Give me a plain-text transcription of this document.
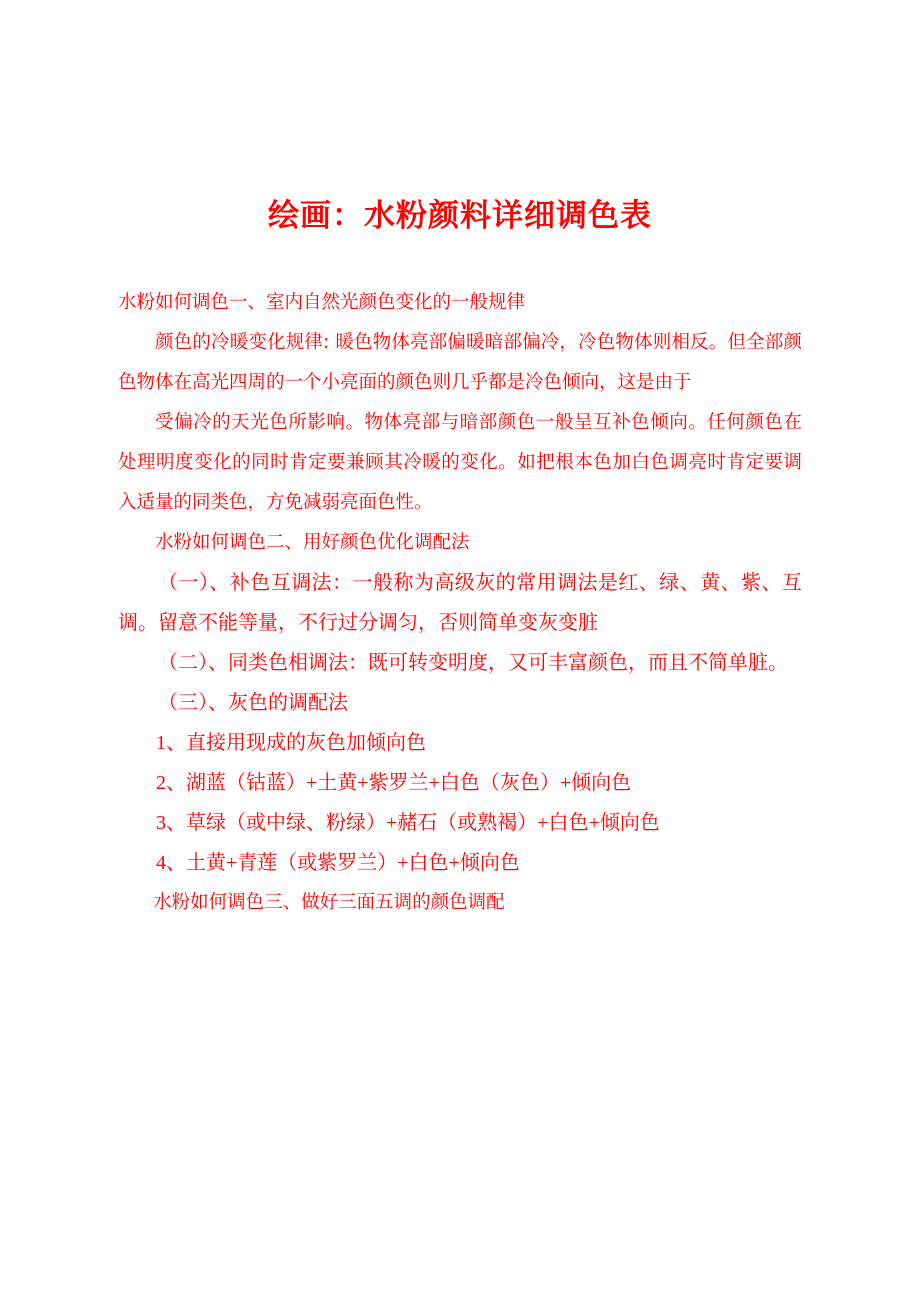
绘画：水粉颜料详细调色表

水粉如何调色一、室内自然光颜色变化的一般规律

颜色的冷暖变化规律: 暖色物体亮部偏暖暗部偏冷，冷色物体则相反。但全部颜色物体在高光四周的一个小亮面的颜色则几乎都是冷色倾向，这是由于

受偏冷的天光色所影响。物体亮部与暗部颜色一般呈互补色倾向。任何颜色在处理明度变化的同时肯定要兼顾其冷暖的变化。如把根本色加白色调亮时肯定要调入适量的同类色，方免减弱亮面色性。

水粉如何调色二、用好颜色优化调配法

（一）、补色互调法：一般称为高级灰的常用调法是红、绿、黄、紫、互调。留意不能等量，不行过分调匀，否则简单变灰变脏

（二）、同类色相调法：既可转变明度，又可丰富颜色，而且不简单脏。

（三）、灰色的调配法

1、直接用现成的灰色加倾向色

2、湖蓝（钴蓝）+土黄+紫罗兰+白色（灰色）+倾向色

3、草绿（或中绿、粉绿）+赭石（或熟褐）+白色+倾向色

4、土黄+青莲（或紫罗兰）+白色+倾向色

水粉如何调色三、做好三面五调的颜色调配
